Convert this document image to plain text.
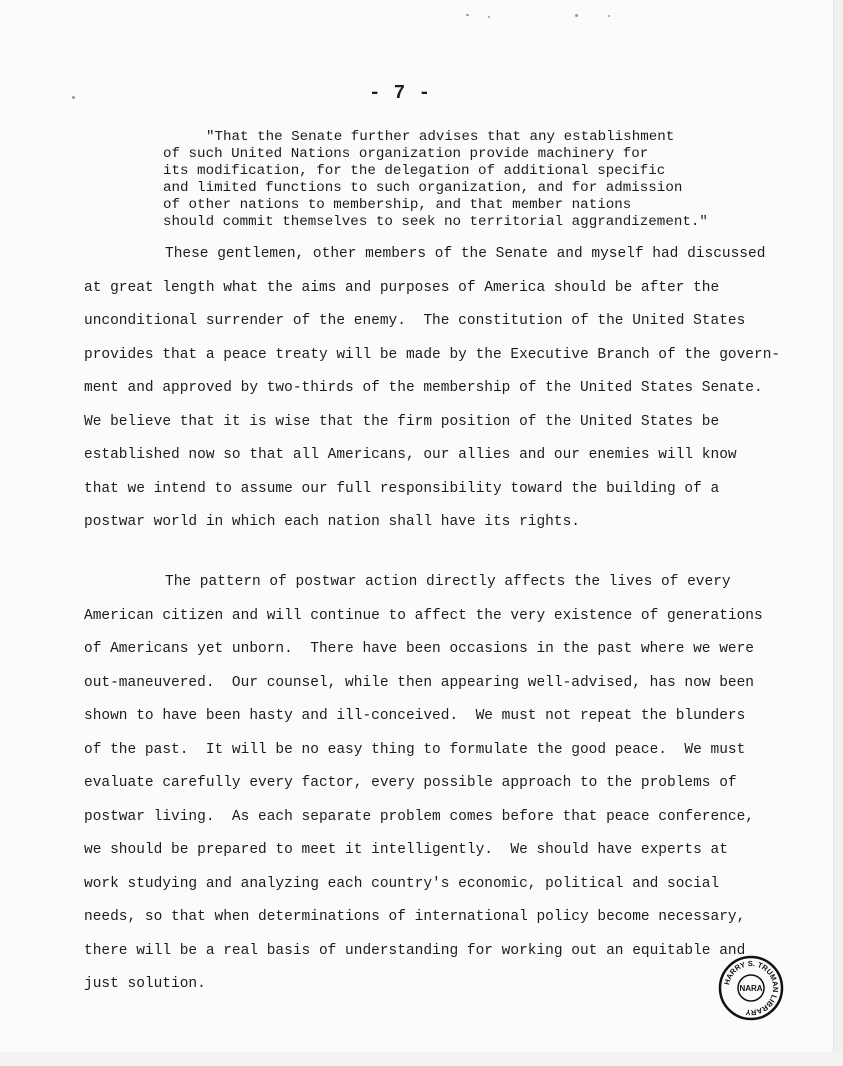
- 7 -
"That the Senate further advises that any establishment
of such United Nations organization provide machinery for
its modification, for the delegation of additional specific
and limited functions to such organization, and for admission
of other nations to membership, and that member nations
should commit themselves to seek no territorial aggrandizement."
These gentlemen, other members of the Senate and myself had discussed
at great length what the aims and purposes of America should be after the
unconditional surrender of the enemy.  The constitution of the United States
provides that a peace treaty will be made by the Executive Branch of the govern-
ment and approved by two-thirds of the membership of the United States Senate.
We believe that it is wise that the firm position of the United States be
established now so that all Americans, our allies and our enemies will know
that we intend to assume our full responsibility toward the building of a
postwar world in which each nation shall have its rights.
The pattern of postwar action directly affects the lives of every
American citizen and will continue to affect the very existence of generations
of Americans yet unborn.  There have been occasions in the past where we were
out-maneuvered.  Our counsel, while then appearing well-advised, has now been
shown to have been hasty and ill-conceived.  We must not repeat the blunders
of the past.  It will be no easy thing to formulate the good peace.  We must
evaluate carefully every factor, every possible approach to the problems of
postwar living.  As each separate problem comes before that peace conference,
we should be prepared to meet it intelligently.  We should have experts at
work studying and analyzing each country's economic, political and social
needs, so that when determinations of international policy become necessary,
there will be a real basis of understanding for working out an equitable and
just solution.	HARRY S. TRUMAN LIBRARY
NARA
